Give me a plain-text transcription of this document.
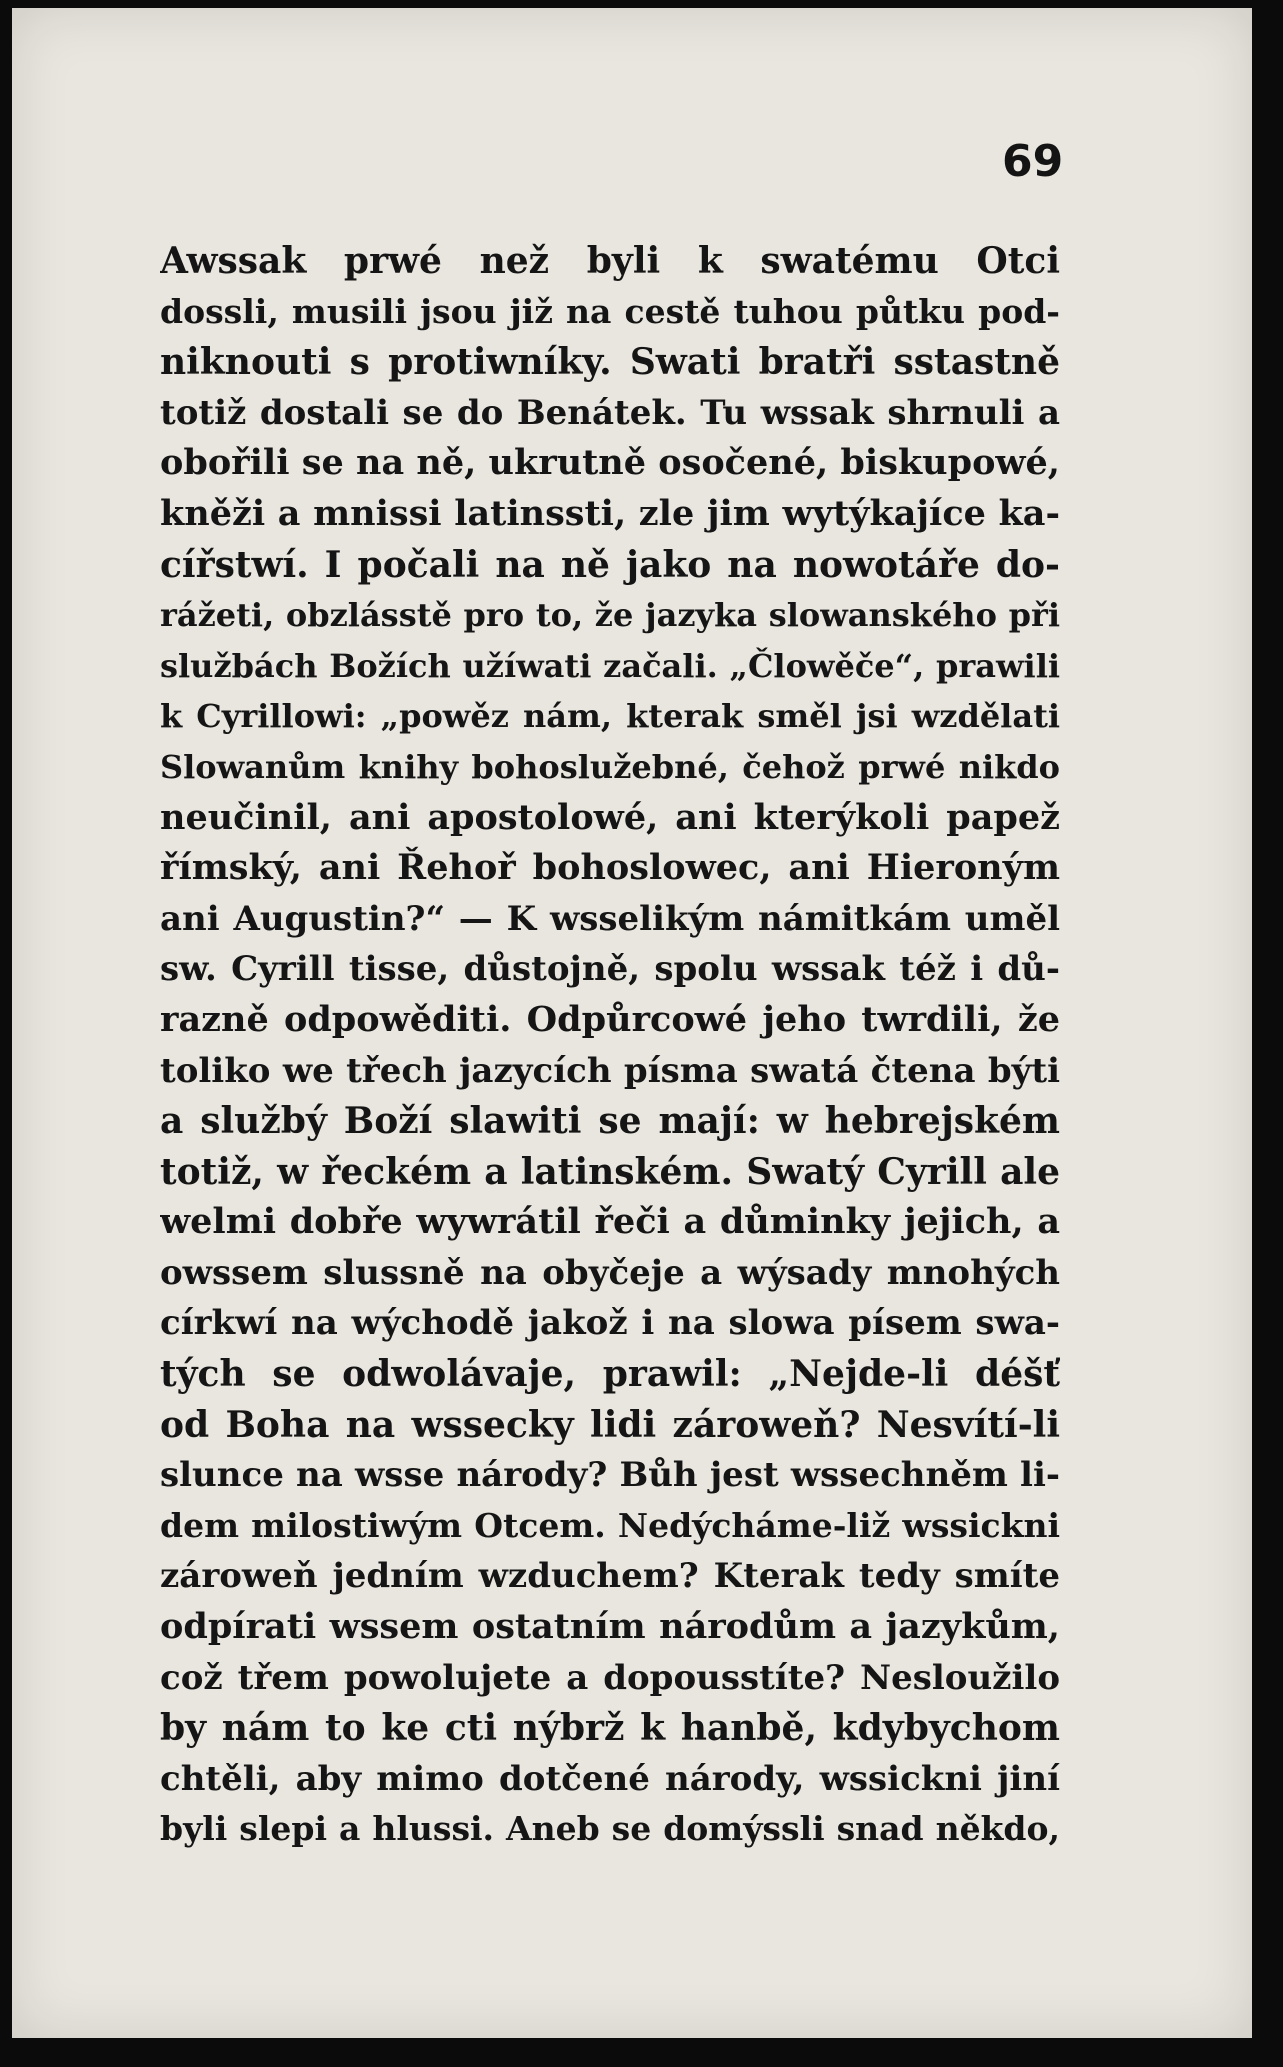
69
Awssak prwé než byli k swatému Otci
dossli, musili jsou již na cestě tuhou půtku pod-
niknouti s protiwníky. Swati bratři sstastně
totiž dostali se do Benátek. Tu wssak shrnuli a
obořili se na ně, ukrutně osočené, biskupowé,
kněži a mnissi latinssti, zle jim wytýkajíce ka-
cířstwí. I počali na ně jako na nowotáře do-
rážeti, obzlásstě pro to, že jazyka slowanského při
službách Božích užíwati začali. „Člowěče“, prawili
k Cyrillowi: „powěz nám, kterak směl jsi wzdělati
Slowanům knihy bohoslužebné, čehož prwé nikdo
neučinil, ani apostolowé, ani kterýkoli papež
římský, ani Řehoř bohoslowec, ani Hieroným
ani Augustin?“ — K wsselikým námitkám uměl
sw. Cyrill tisse, důstojně, spolu wssak též i dů-
razně odpowěditi. Odpůrcowé jeho twrdili, že
toliko we třech jazycích písma swatá čtena býti
a službý Boží slawiti se mají: w hebrejském
totiž, w řeckém a latinském. Swatý Cyrill ale
welmi dobře wywrátil řeči a důminky jejich, a
owssem slussně na obyčeje a wýsady mnohých
církwí na wýchodě jakož i na slowa písem swa-
tých se odwolávaje, prawil: „Nejde-li déšť
od Boha na wssecky lidi zároweň? Nesvítí-li
slunce na wsse národy? Bůh jest wssechněm li-
dem milostiwým Otcem. Nedýcháme-liž wssickni
zároweň jedním wzduchem? Kterak tedy smíte
odpírati wssem ostatním národům a jazykům,
což třem powolujete a dopousstíte? Nesloužilo
by nám to ke cti nýbrž k hanbě, kdybychom
chtěli, aby mimo dotčené národy, wssickni jiní
byli slepi a hlussi. Aneb se domýssli snad někdo,
